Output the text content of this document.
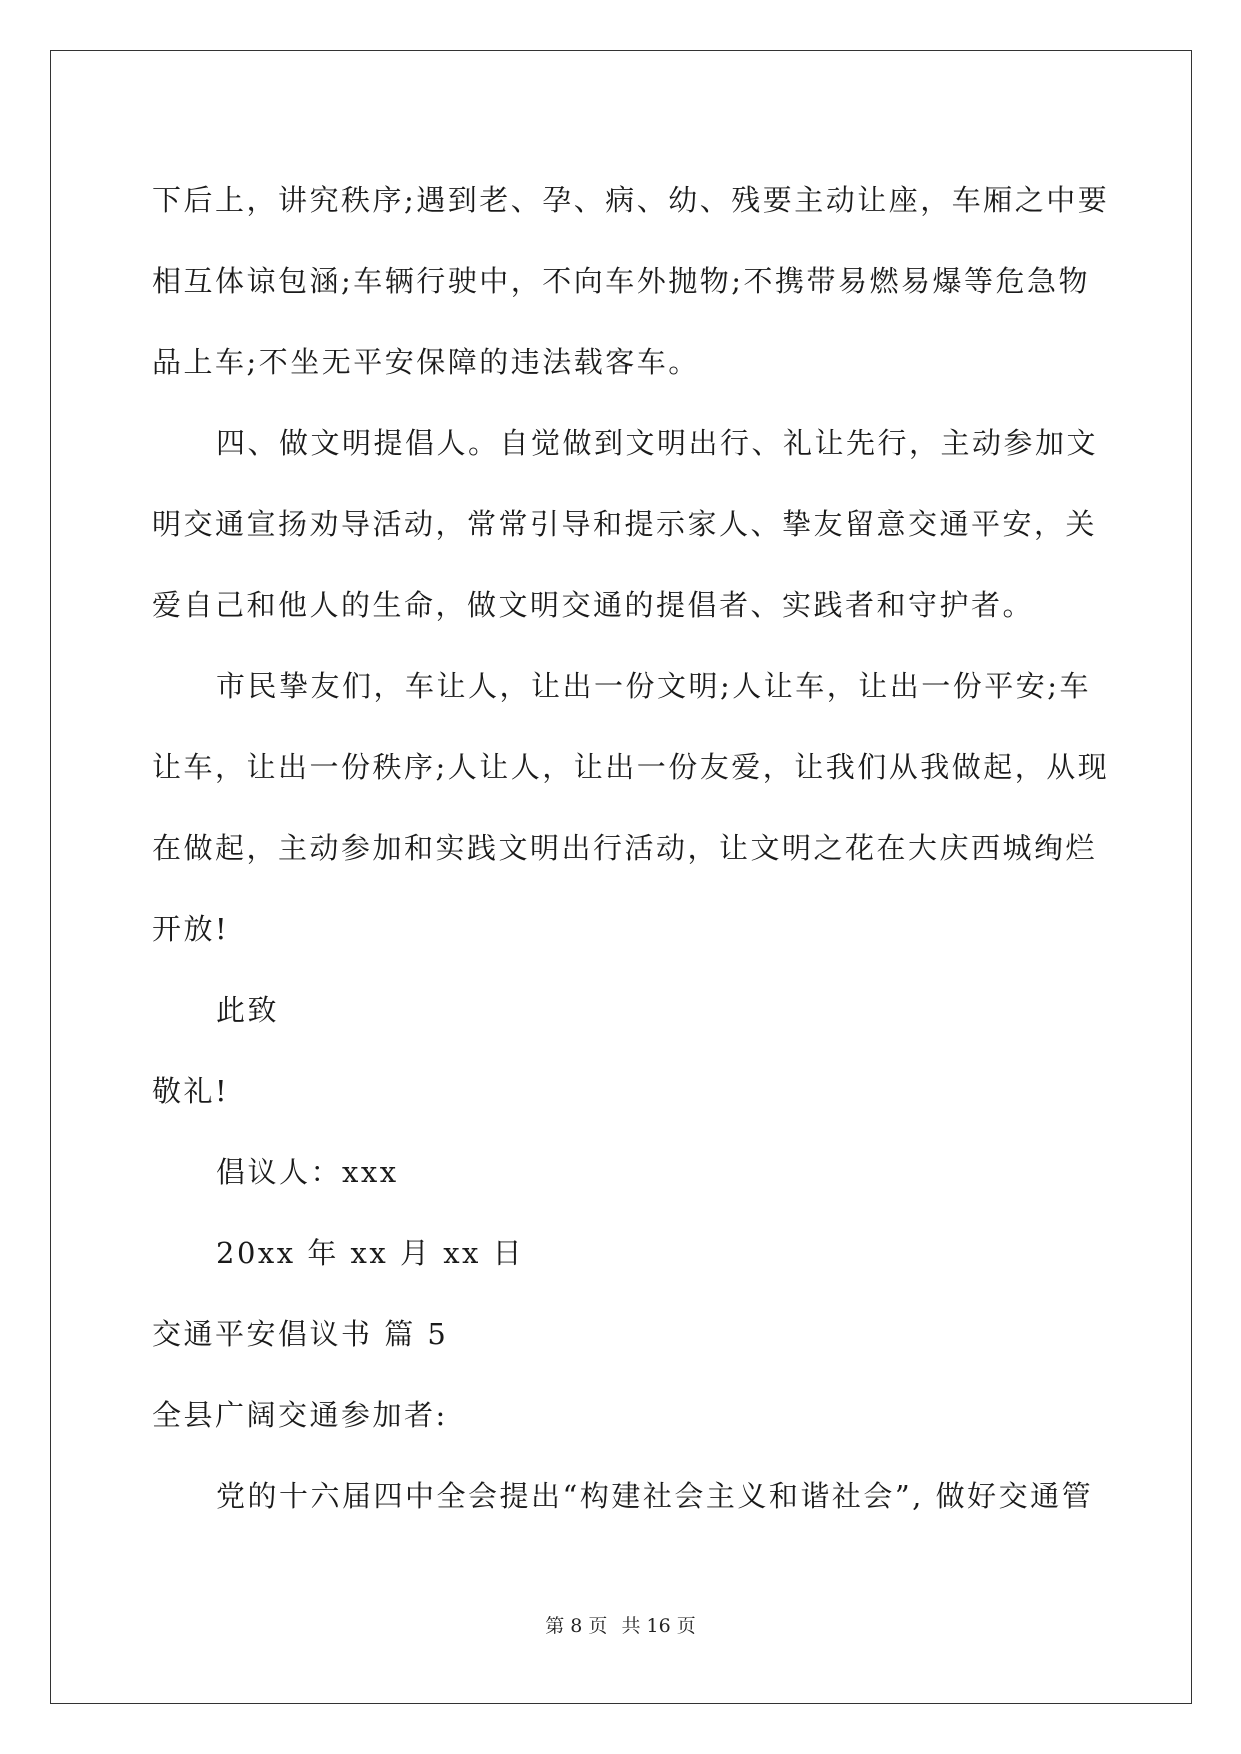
下后上，讲究秩序;遇到老、孕、病、幼、残要主动让座，车厢之中要
相互体谅包涵;车辆行驶中，不向车外抛物;不携带易燃易爆等危急物
品上车;不坐无平安保障的违法载客车。
四、做文明提倡人。自觉做到文明出行、礼让先行，主动参加文
明交通宣扬劝导活动，常常引导和提示家人、挚友留意交通平安，关
爱自己和他人的生命，做文明交通的提倡者、实践者和守护者。
市民挚友们，车让人，让出一份文明;人让车，让出一份平安;车
让车，让出一份秩序;人让人，让出一份友爱，让我们从我做起，从现
在做起，主动参加和实践文明出行活动，让文明之花在大庆西城绚烂
开放!
此致
敬礼!
倡议人：xxx
20xx 年 xx 月 xx 日
交通平安倡议书 篇 5
全县广阔交通参加者:
党的十六届四中全会提出“构建社会主义和谐社会”, 做好交通管
第 8 页 共 16 页
